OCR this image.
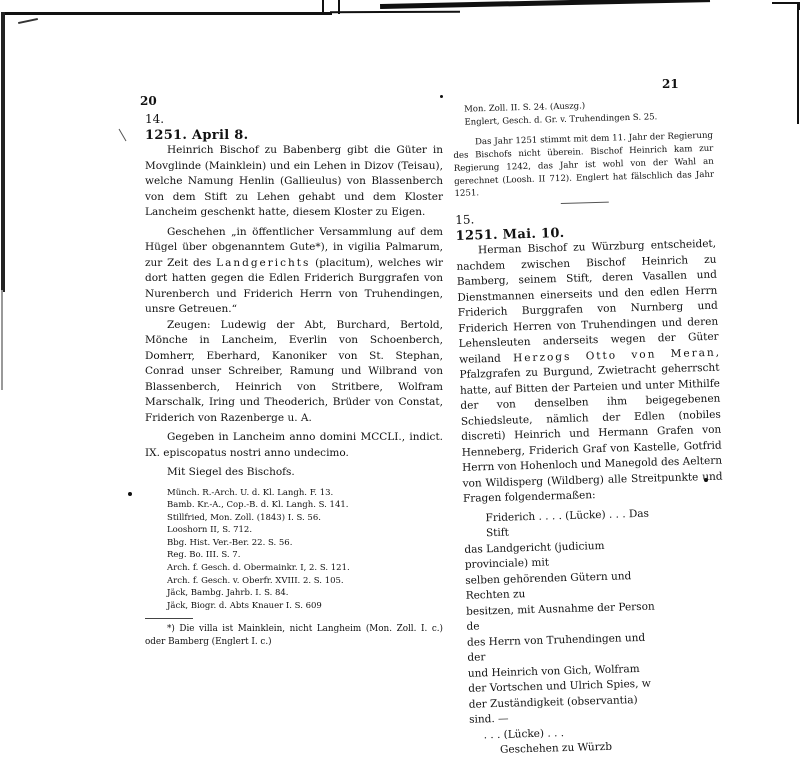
20

14.

1251. April 8.

Heinrich Bischof zu Babenberg gibt die Güter in Movglinde (Mainklein) und ein Lehen in Dizov (Teisau), welche Namung Henlin (Gallieulus) von Blassenberch von dem Stift zu Lehen gehabt und dem Kloster Lancheim geschenkt hatte, diesem Kloster zu Eigen.

Geschehen „in öffentlicher Versammlung auf dem Hügel über obgenanntem Gute*), in vigilia Palmarum, zur Zeit des Landgerichts (placitum), welches wir dort hatten gegen die Edlen Friderich Burggrafen von Nurenberch und Friderich Herrn von Truhendingen, unsre Getreuen.“

Zeugen: Ludewig der Abt, Burchard, Bertold, Mönche in Lancheim, Everlin von Schoenberch, Domherr, Eberhard, Kanoniker von St. Stephan, Conrad unser Schreiber, Ramung und Wilbrand von Blassenberch, Heinrich von Stritbere, Wolfram Marschalk, Iring und Theoderich, Brüder von Constat, Friderich von Razenberge u. A.

Gegeben in Lancheim anno domini MCCLI., indict. IX. episcopatus nostri anno undecimo.

Mit Siegel des Bischofs.

Münch. R.-Arch. U. d. Kl. Langh. F. 13.
Bamb. Kr.-A., Cop.-B. d. Kl. Langh. S. 141.
Stillfried, Mon. Zoll. (1843) I. S. 56.
Looshorn II, S. 712.
Bbg. Hist. Ver.-Ber. 22. S. 56.
Reg. Bo. III. S. 7.
Arch. f. Gesch. d. Obermainkr. I, 2. S. 121.
Arch. f. Gesch. v. Oberfr. XVIII. 2. S. 105.
Jäck, Bambg. Jahrb. I. S. 84.
Jäck, Biogr. d. Abts Knauer I. S. 609

*) Die villa ist Mainklein, nicht Langheim (Mon. Zoll. I. c.) oder Bamberg (Englert I. c.)

21
Mon. Zoll. II. S. 24. (Auszg.)
Englert, Gesch. d. Gr. v. Truhendingen S. 25.

Das Jahr 1251 stimmt mit dem 11. Jahr der Regierung des Bischofs nicht überein. Bischof Heinrich kam zur Regierung 1242, das Jahr ist wohl von der Wahl an gerechnet (Loosh. II 712). Englert hat fälschlich das Jahr 1251.

15.

1251. Mai. 10.

Herman Bischof zu Würzburg entscheidet, nachdem zwischen Bischof Heinrich zu Bamberg, seinem Stift, deren Vasallen und Dienstmannen einerseits und den edlen Herrn Friderich Burggrafen von Nurnberg und Friderich Herren von Truhendingen und deren Lehensleuten anderseits wegen der Güter weiland Herzogs Otto von Meran, Pfalzgrafen zu Burgund, Zwietracht geherrscht hatte, auf Bitten der Parteien und unter Mithilfe der von denselben ihm beigegebenen Schiedsleute, nämlich der Edlen (nobiles discreti) Heinrich und Hermann Grafen von Henneberg, Friderich Graf von Kastelle, Gotfrid Herrn von Hohenloch und Manegold des Aeltern von Wildisperg (Wildberg) alle Streitpunkte und Fragen folgendermaßen:

Friderich . . . . (Lücke) . . . Das Stift
das Landgericht (judicium provinciale) mit
selben gehörenden Gütern und Rechten zu
besitzen, mit Ausnahme der Person de
des Herrn von Truhendingen und der
und Heinrich von Gich, Wolfram
der Vortschen und Ulrich Spies, w
der Zuständigkeit (observantia)
sind. —
. . . (Lücke) . . .
Geschehen zu Würzb
